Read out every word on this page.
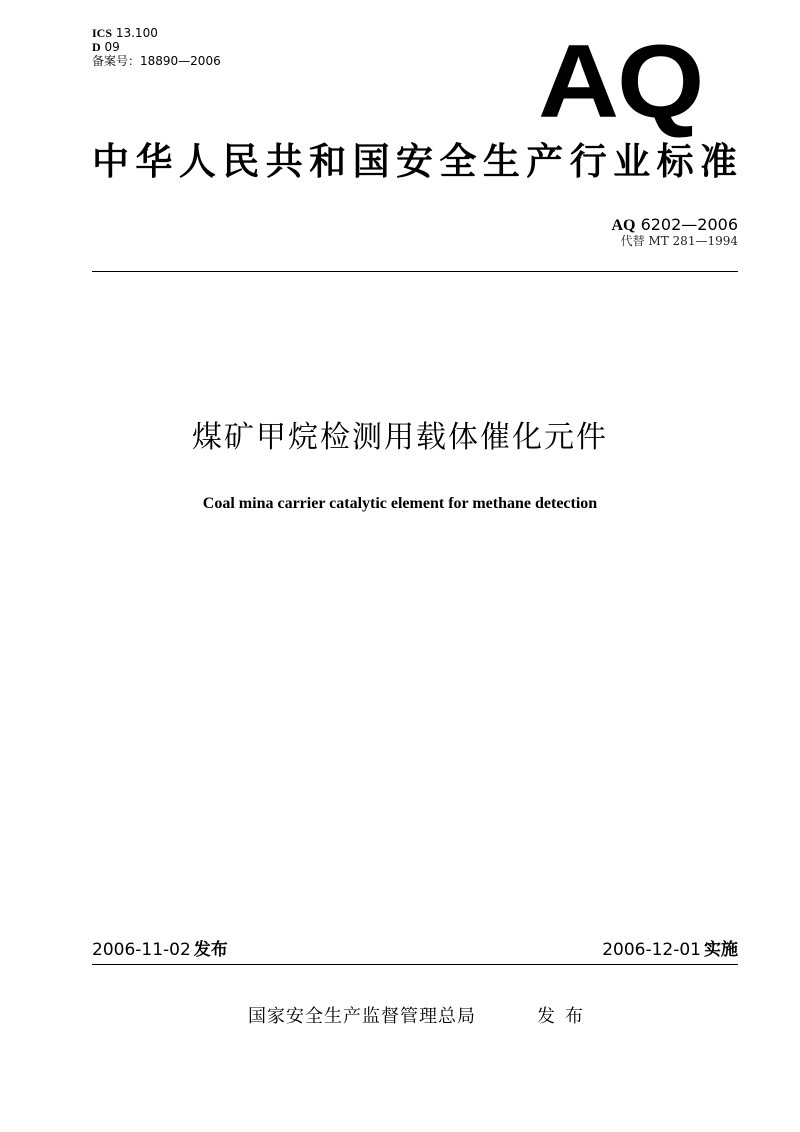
ICS 13.100
D 09
备案号：18890—2006	AQ
中华人民共和国安全生产行业标准
AQ 6202—2006
代替 MT 281—1994
煤矿甲烷检测用载体催化元件
Coal mina carrier catalytic element for methane detection
2006-11-02 发布	2006-12-01 实施
国家安全生产监督管理总局	发布
